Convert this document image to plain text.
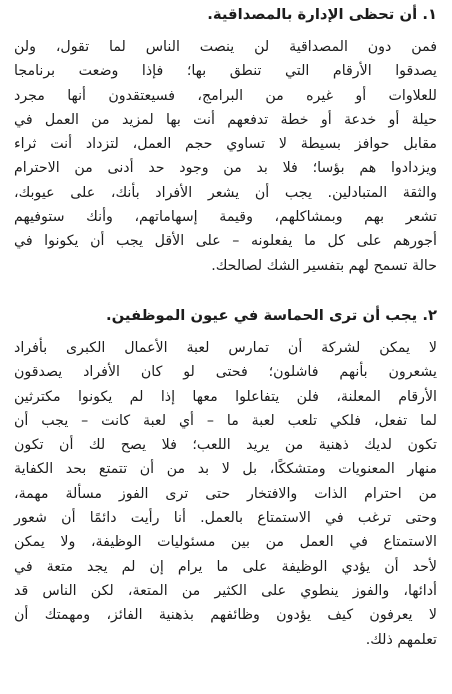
١. أن تحظى الإدارة بالمصداقية.

فمن دون المصداقية لن ينصت الناس لما تقول، ولن
يصدقوا الأرقام التي تنطق بها؛ فإذا وضعت برنامجا
للعلاوات أو غيره من البرامج، فسيعتقدون أنها مجرد
حيلة أو خدعة أو خطة تدفعهم أنت بها لمزيد من العمل في
مقابل حوافز بسيطة لا تساوي حجم العمل، لتزداد أنت ثراء
ويزدادوا هم بؤسا؛ فلا بد من وجود حد أدنى من الاحترام
والثقة المتبادلين. يجب أن يشعر الأفراد بأنك، على عيوبك،
تشعر بهم وبمشاكلهم، وقيمة إسهاماتهم، وأنك ستوفيهم
أجورهم على كل ما يفعلونه – على الأقل يجب أن يكونوا في
حالة تسمح لهم بتفسير الشك لصالحك.

٢. يجب أن ترى الحماسة في عيون الموظفين.

لا يمكن لشركة أن تمارس لعبة الأعمال الكبرى بأفراد
يشعرون بأنهم فاشلون؛ فحتى لو كان الأفراد يصدقون
الأرقام المعلنة، فلن يتفاعلوا معها إذا لم يكونوا مكترثين
لما تفعل، فلكي تلعب لعبة ما – أي لعبة كانت – يجب أن
تكون لديك ذهنية من يريد اللعب؛ فلا يصح لك أن تكون
منهار المعنويات ومتشككًا، بل لا بد من أن تتمتع بحد الكفاية
من احترام الذات والافتخار حتى ترى الفوز مسألة مهمة،
وحتى ترغب في الاستمتاع بالعمل. أنا رأيت دائمًا أن شعور
الاستمتاع في العمل من بين مسئوليات الوظيفة، ولا يمكن
لأحد أن يؤدي الوظيفة على ما يرام إن لم يجد متعة في
أدائها، والفوز ينطوي على الكثير من المتعة، لكن الناس قد
لا يعرفون كيف يؤدون وظائفهم بذهنية الفائز، ومهمتك أن
تعلمهم ذلك.
